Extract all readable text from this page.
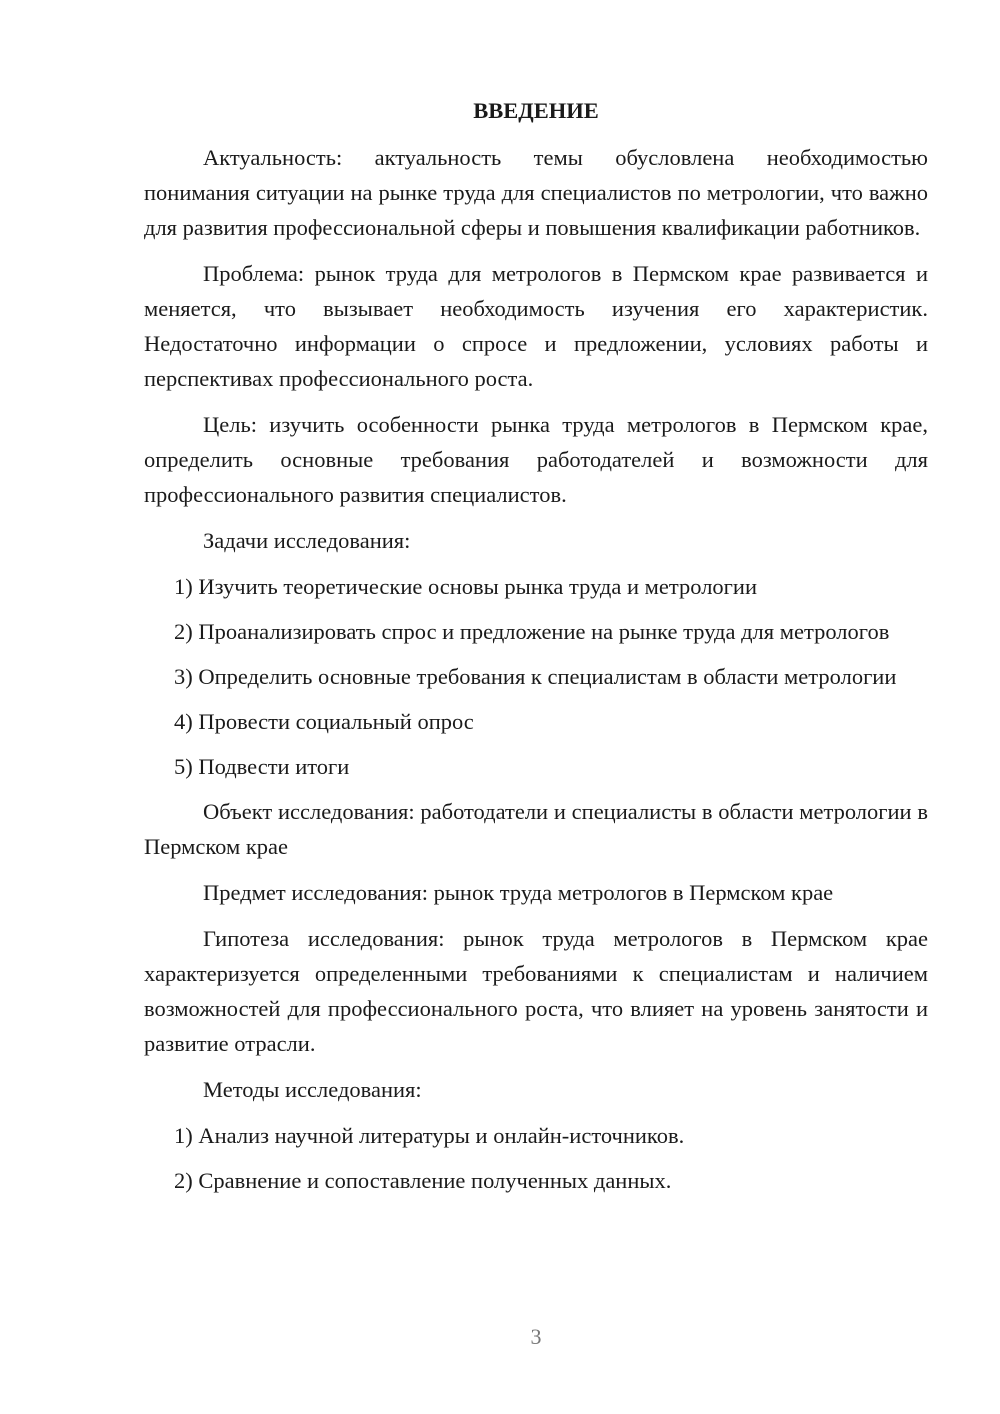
ВВЕДЕНИЕ

Актуальность: актуальность темы обусловлена необходимостью понимания ситуации на рынке труда для специалистов по метрологии, что важно для развития профессиональной сферы и повышения квалификации работников.

Проблема: рынок труда для метрологов в Пермском крае развивается и меняется, что вызывает необходимость изучения его характеристик. Недостаточно информации о спросе и предложении, условиях работы и перспективах профессионального роста.

Цель: изучить особенности рынка труда метрологов в Пермском крае, определить основные требования работодателей и возможности для профессионального развития специалистов.

Задачи исследования:

1) Изучить теоретические основы рынка труда и метрологии

2) Проанализировать спрос и предложение на рынке труда для метрологов

3) Определить основные требования к специалистам в области метрологии

4) Провести социальный опрос

5) Подвести итоги

Объект исследования: работодатели и специалисты в области метрологии в Пермском крае

Предмет исследования: рынок труда метрологов в Пермском крае

Гипотеза исследования: рынок труда метрологов в Пермском крае характеризуется определенными требованиями к специалистам и наличием возможностей для профессионального роста, что влияет на уровень занятости и развитие отрасли.

Методы исследования:

1) Анализ научной литературы и онлайн-источников.

2) Сравнение и сопоставление полученных данных.

3
